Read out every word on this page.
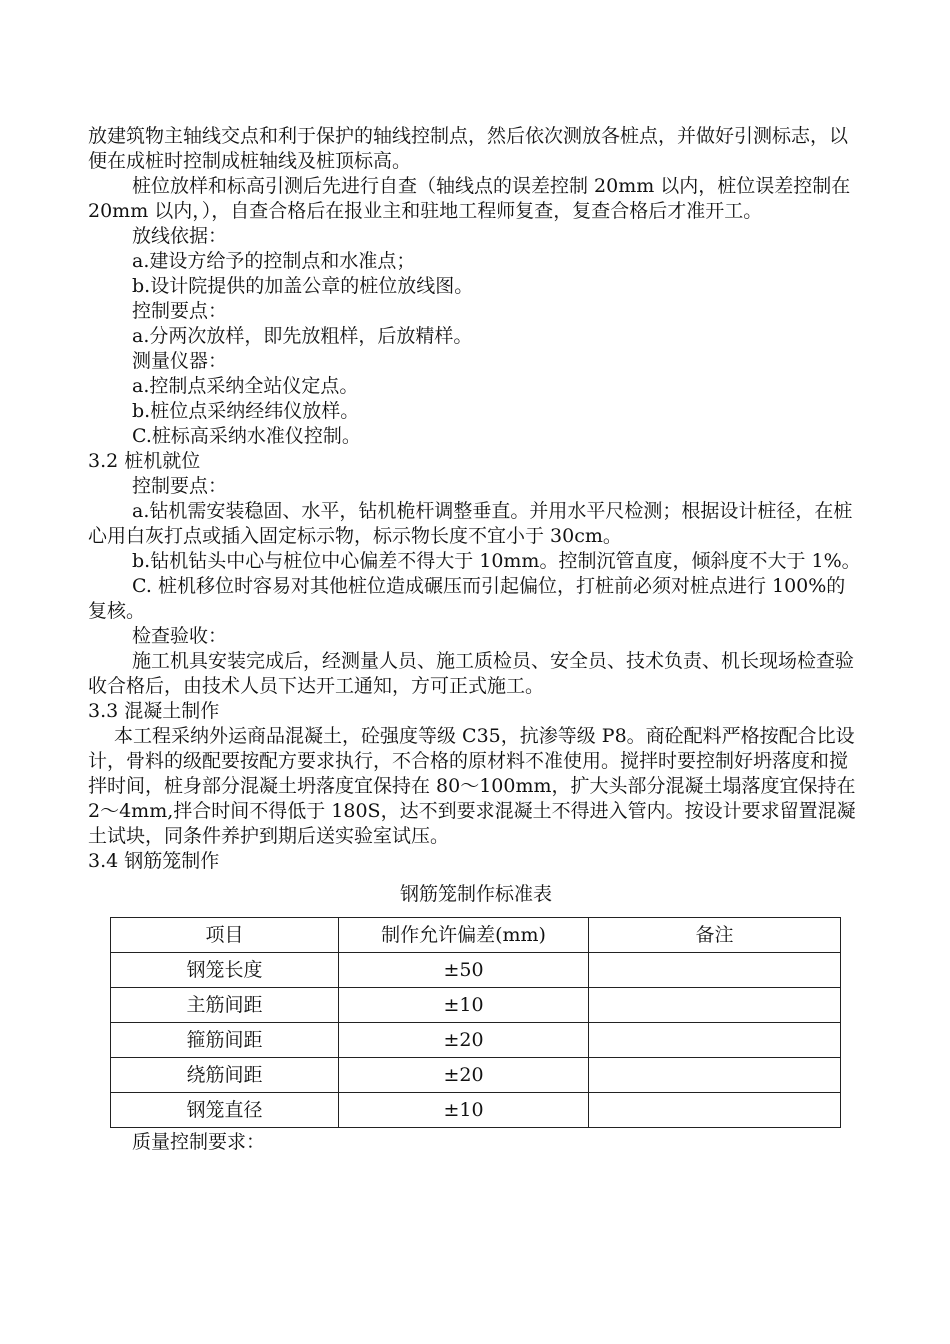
放建筑物主轴线交点和利于保护的轴线控制点，然后依次测放各桩点，并做好引测标志，以便在成桩时控制成桩轴线及桩顶标高。

桩位放样和标高引测后先进行自查（轴线点的误差控制 20mm 以内，桩位误差控制在 20mm 以内，），自查合格后在报业主和驻地工程师复查，复查合格后才准开工。

放线依据：

a.建设方给予的控制点和水准点；

b.设计院提供的加盖公章的桩位放线图。

控制要点：

a.分两次放样，即先放粗样，后放精样。

测量仪器：

a.控制点采纳全站仪定点。

b.桩位点采纳经纬仪放样。

C.桩标高采纳水准仪控制。

3.2 桩机就位

控制要点：

a.钻机需安装稳固、水平，钻机桅杆调整垂直。并用水平尺检测；根据设计桩径，在桩心用白灰打点或插入固定标示物，标示物长度不宜小于 30cm。

b.钻机钻头中心与桩位中心偏差不得大于 10mm。控制沉管直度，倾斜度不大于 1%。

C. 桩机移位时容易对其他桩位造成碾压而引起偏位，打桩前必须对桩点进行 100%的复核。

检查验收：

施工机具安装完成后，经测量人员、施工质检员、安全员、技术负责、机长现场检查验收合格后，由技术人员下达开工通知，方可正式施工。

3.3 混凝土制作

本工程采纳外运商品混凝土，砼强度等级 C35，抗渗等级 P8。商砼配料严格按配合比设计，骨料的级配要按配方要求执行，不合格的原材料不准使用。搅拌时要控制好坍落度和搅拌时间，桩身部分混凝土坍落度宜保持在 80～100mm，扩大头部分混凝土塌落度宜保持在 2～4mm,拌合时间不得低于 180S，达不到要求混凝土不得进入管内。按设计要求留置混凝土试块，同条件养护到期后送实验室试压。

3.4 钢筋笼制作

钢筋笼制作标准表

项目	制作允许偏差(mm)	备注
钢笼长度	±50	
主筋间距	±10	
箍筋间距	±20	
绕筋间距	±20	
钢笼直径	±10	

质量控制要求：
